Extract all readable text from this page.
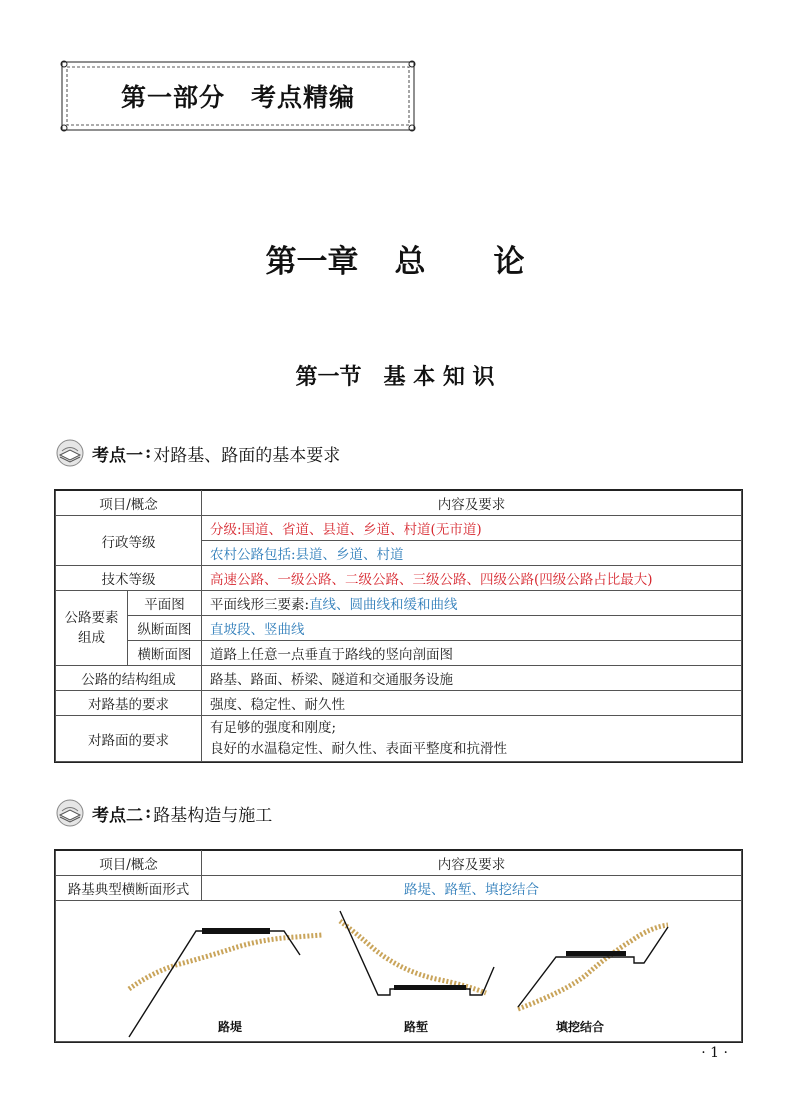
第一部分　考点精编
第一章 总 论
第一节　基 本 知 识
考点一 : 对路基、路面的基本要求
项目/概念		内容及要求
行政等级		分级:国道、省道、县道、乡道、村道(无市道)
		农村公路包括:县道、乡道、村道
技术等级		高速公路、一级公路、二级公路、三级公路、四级公路(四级公路占比最大)

公路要素
组成	平面图	平面线形三要素:直线、圆曲线和缓和曲线
	纵断面图	直坡段、竖曲线
	横断面图	道路上任意一点垂直于路线的竖向剖面图
公路的结构组成		路基、路面、桥梁、隧道和交通服务设施
对路基的要求		强度、稳定性、耐久性
对路面的要求		有足够的强度和刚度;
良好的水温稳定性、耐久性、表面平整度和抗滑性
考点二 : 路基构造与施工
项目/概念	内容及要求
路基典型横断面形式	路堤、路堑、填挖结合

路堤 路堑 填挖结合	
· 1 ·
